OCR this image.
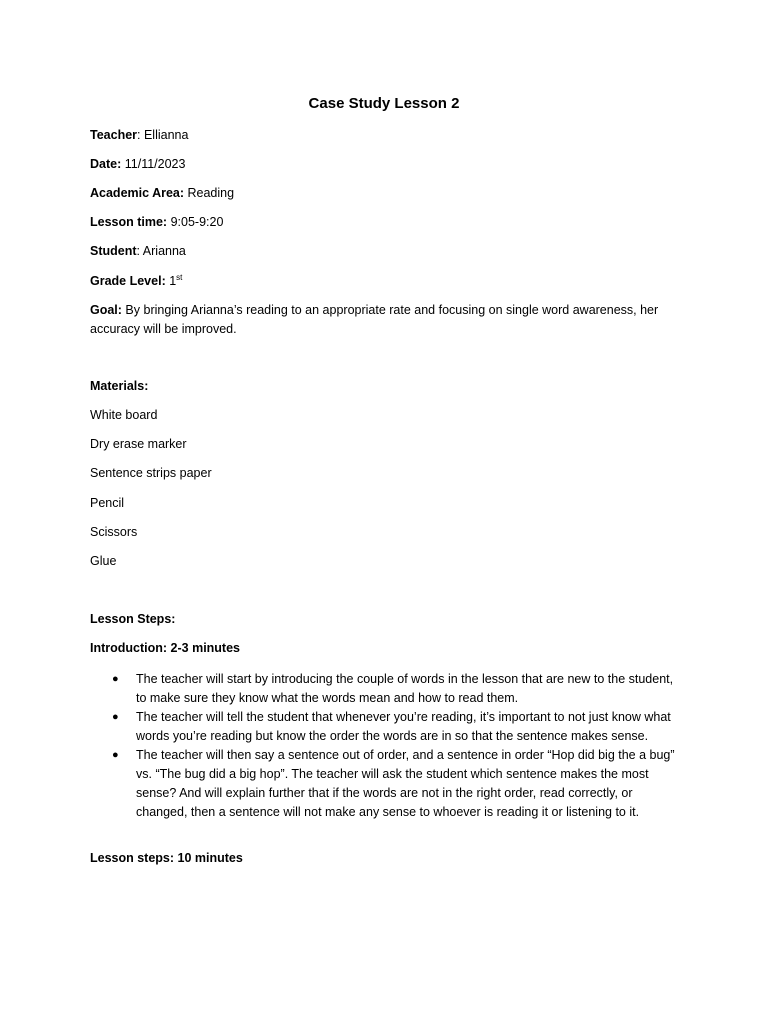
Case Study Lesson 2
Teacher: Ellianna
Date: 11/11/2023
Academic Area: Reading
Lesson time: 9:05-9:20
Student: Arianna
Grade Level: 1st
Goal: By bringing Arianna’s reading to an appropriate rate and focusing on single word awareness, her accuracy will be improved.
Materials:
White board
Dry erase marker
Sentence strips paper
Pencil
Scissors
Glue
Lesson Steps:
Introduction: 2-3 minutes
● The teacher will start by introducing the couple of words in the lesson that are new to the student, to make sure they know what the words mean and how to read them.
● The teacher will tell the student that whenever you’re reading, it’s important to not just know what words you’re reading but know the order the words are in so that the sentence makes sense.
● The teacher will then say a sentence out of order, and a sentence in order “Hop did big the a bug” vs. “The bug did a big hop”. The teacher will ask the student which sentence makes the most sense? And will explain further that if the words are not in the right order, read correctly, or changed, then a sentence will not make any sense to whoever is reading it or listening to it.
Lesson steps: 10 minutes
